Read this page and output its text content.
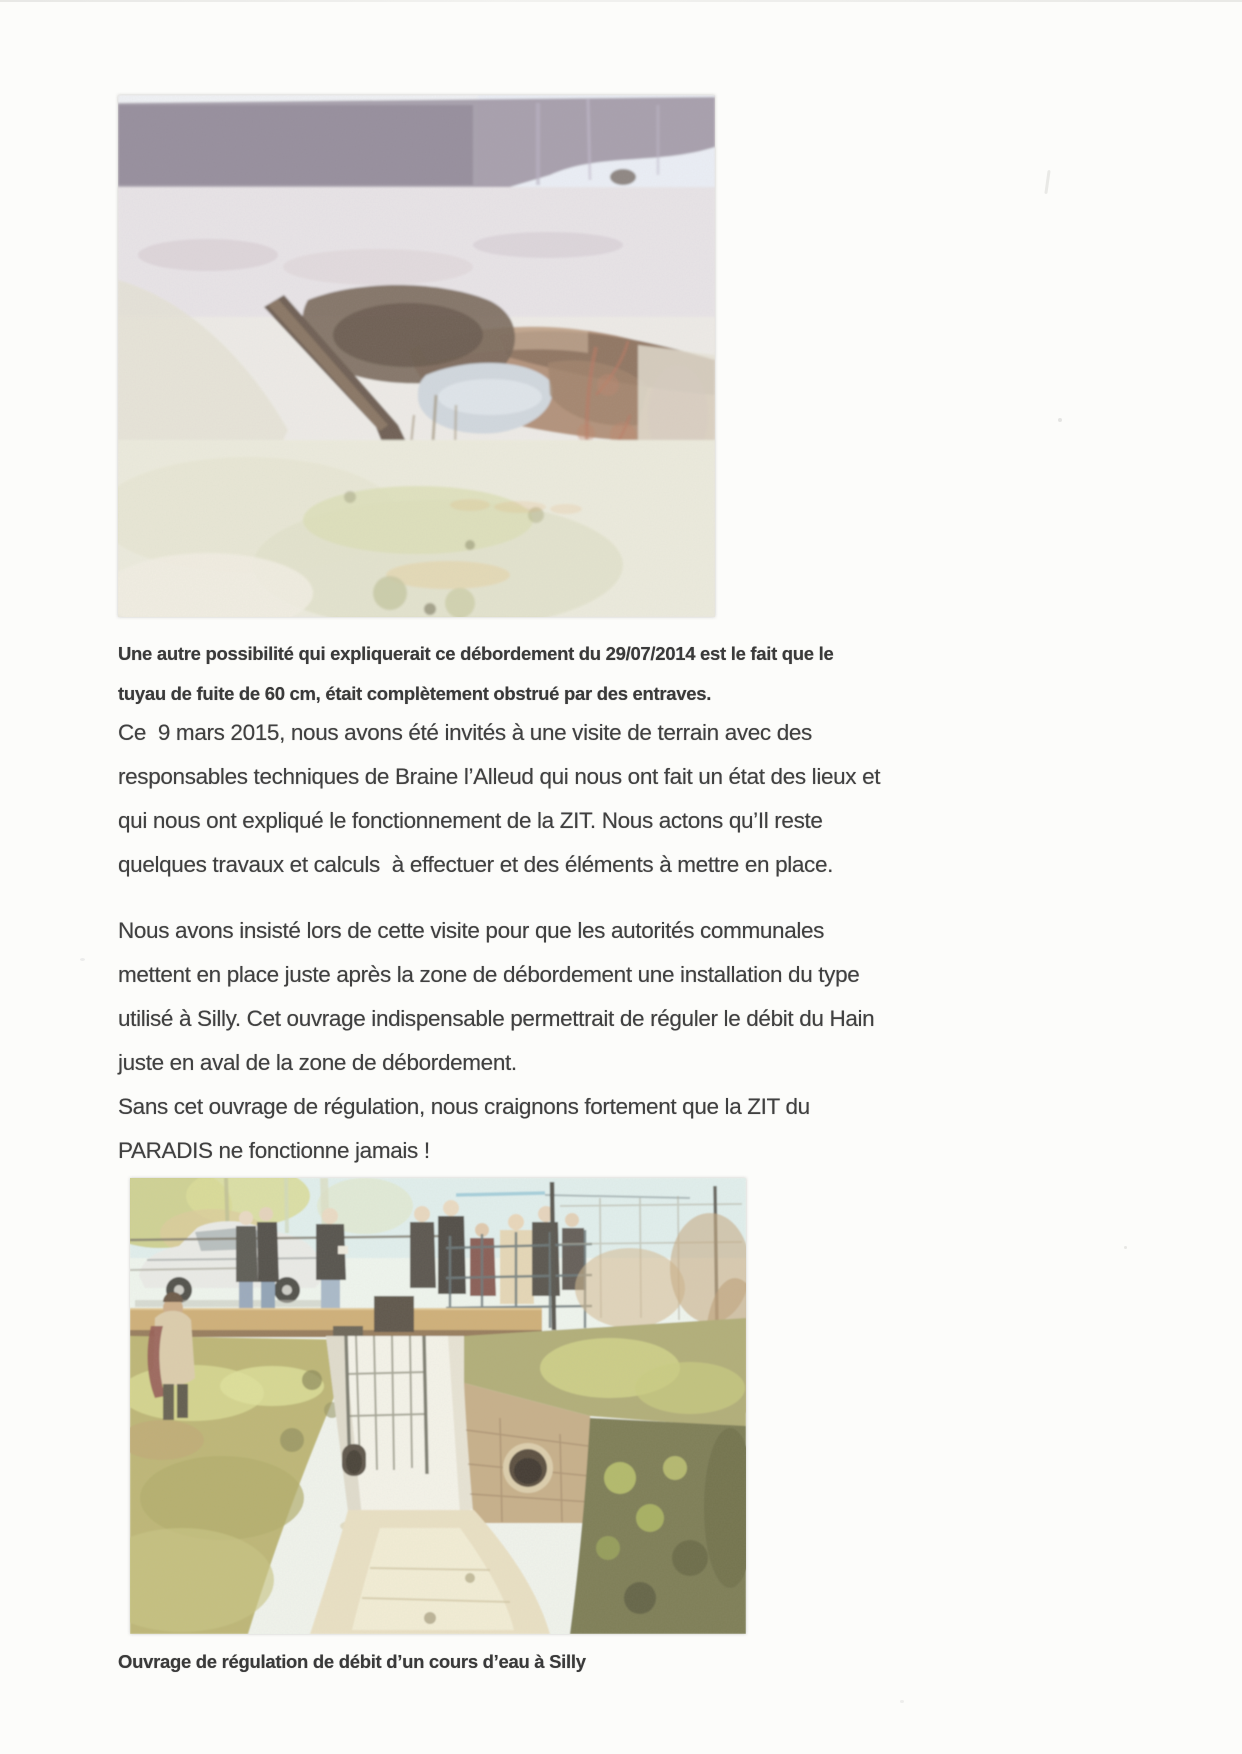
Une autre possibilité qui expliquerait ce débordement du 29/07/2014 est le fait que le
tuyau de fuite de 60 cm, était complètement obstrué par des entraves.
Ce  9 mars 2015, nous avons été invités à une visite de terrain avec des
responsables techniques de Braine l’Alleud qui nous ont fait un état des lieux et
qui nous ont expliqué le fonctionnement de la ZIT. Nous actons qu’Il reste
quelques travaux et calculs  à effectuer et des éléments à mettre en place.
Nous avons insisté lors de cette visite pour que les autorités communales
mettent en place juste après la zone de débordement une installation du type
utilisé à Silly. Cet ouvrage indispensable permettrait de réguler le débit du Hain
juste en aval de la zone de débordement.
Sans cet ouvrage de régulation, nous craignons fortement que la ZIT du
PARADIS ne fonctionne jamais !
Ouvrage de régulation de débit d’un cours d’eau à Silly
